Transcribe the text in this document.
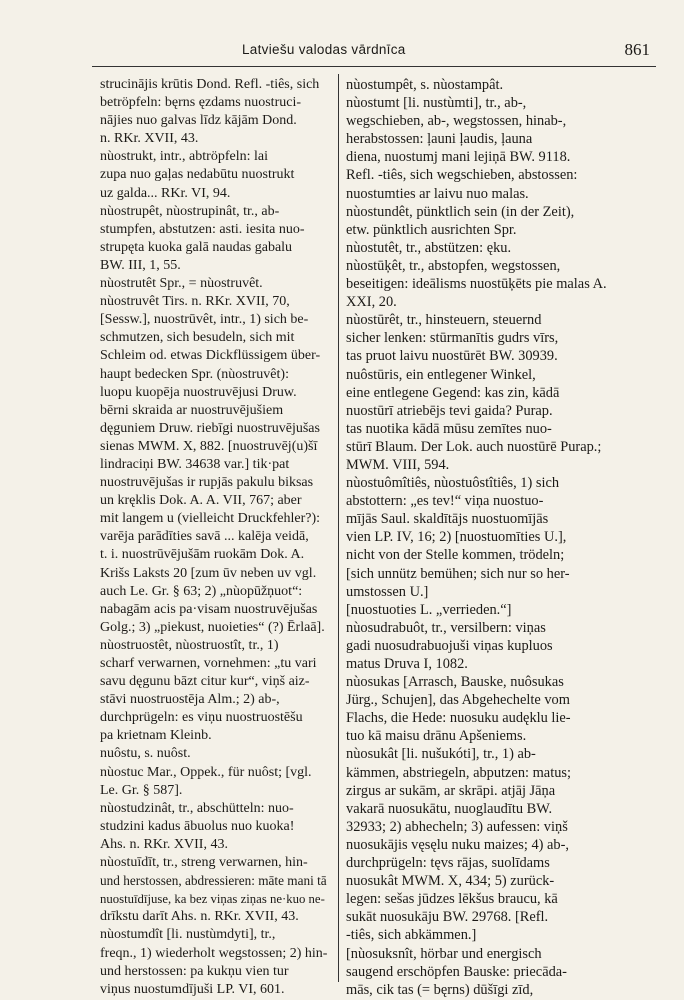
Latviešu valodas vārdnīca	861
strucinājis krūtis Dond. Refl. -tiês, sich
betröpfeln: bęrns ęzdams nuostruci-
nājies nuo galvas līdz kājām Dond.
n. RKr. XVII, 43.
nùostrukt, intr., abtröpfeln: lai
zupa nuo gaļas nedabūtu nuostrukt
uz galda... RKr. VI, 94.
nùostrupêt, nùostrupinât, tr., ab-
stumpfen, abstutzen: asti. iesita nuo-
strupęta kuoka galā naudas gabalu
BW. III, 1, 55.
nùostrutêt Spr., = nùostruvêt.
nùostruvêt Tirs. n. RKr. XVII, 70,
[Sessw.], nuostrūvêt, intr., 1) sich be-
schmutzen, sich besudeln, sich mit
Schleim od. etwas Dickflüssigem über-
haupt bedecken Spr. (nùostruvêt):
luopu kuopēja nuostruvējusi Druw.
bērni skraida ar nuostruvējušiem
dęguniem Druw. riebīgi nuostruvējušas
sienas MWM. X, 882. [nuostruvēj(u)šī
lindraciņi BW. 34638 var.] tik·pat
nuostruvējušas ir rupjās pakulu biksas
un kręklis Dok. A. A. VII, 767; aber
mit langem u (vielleicht Druckfehler?):
varēja parādīties savā ... kalēja veidā,
t. i. nuostrūvējušām ruokām Dok. A.
Krišs Laksts 20 [zum ūv neben uv vgl.
auch Le. Gr. § 63; 2) „nùopūžņuot“:
nabagām acis pa·visam nuostruvējušas
Golg.; 3) „piekust, nuoieties“ (?) Ērlaā].
nùostruostêt, nùostruostît, tr., 1)
scharf verwarnen, vornehmen: „tu vari
savu dęgunu bāzt citur kur“, viņš aiz-
stāvi nuostruostēja Alm.; 2) ab-,
durchprügeln: es viņu nuostruostēšu
pa krietnam Kleinb.
nuôstu, s. nuôst.
nùostuc Mar., Oppek., für nuôst; [vgl.
Le. Gr. § 587].
nùostudzinât, tr., abschütteln: nuo-
studzini kadus ābuolus nuo kuoka!
Ahs. n. RKr. XVII, 43.
nùostuīdīt, tr., streng verwarnen, hin-
und herstossen, abdressieren: māte mani tā
nuostuīdījuse, ka bez viņas ziņas ne·kuo ne-
drīkstu darīt Ahs. n. RKr. XVII, 43.
nùostumdît [li. nustùmdyti], tr.,
freqn., 1) wiederholt wegstossen; 2) hin-
und herstossen: pa kukņu vien tur
viņus nuostumdījuši LP. VI, 601.
nùostumpêt, s. nùostampât.
nùostumt [li. nustùmti], tr., ab-,
wegschieben, ab-, wegstossen, hinab-,
herabstossen: ļauni ļaudis, ļauna
diena, nuostumj mani lejiņā BW. 9118.
Refl. -tiês, sich wegschieben, abstossen:
nuostumties ar laivu nuo malas.
nùostundêt, pünktlich sein (in der Zeit),
etw. pünktlich ausrichten Spr.
nùostutêt, tr., abstützen: ęku.
nùostūķêt, tr., abstopfen, wegstossen,
beseitigen: ideālisms nuostūķēts pie malas A.
XXI, 20.
nùostūrêt, tr., hinsteuern, steuernd
sicher lenken: stūrmanītis gudrs vīrs,
tas pruot laivu nuostūrēt BW. 30939.
nuôstūris, ein entlegener Winkel,
eine entlegene Gegend: kas zin, kādā
nuostūrī atriebējs tevi gaida? Purap.
tas nuotika kādā mūsu zemītes nuo-
stūrī Blaum. Der Lok. auch nuostūrē Purap.;
MWM. VIII, 594.
nùostuômîtiês, nùostuôstîtiês, 1) sich
abstottern: „es tev!“ viņa nuostuo-
mījās Saul. skaldītājs nuostuomījās
vien LP. IV, 16; 2) [nuostuomīties U.],
nicht von der Stelle kommen, trödeln;
[sich unnütz bemühen; sich nur so her-
umstossen U.]
[nuostuoties L. „verrieden.“]
nùosudrabuôt, tr., versilbern: viņas
gadi nuosudrabuojuši viņas kupluos
matus Druva I, 1082.
nùosukas [Arrasch, Bauske, nuôsukas
Jürg., Schujen], das Abgehechelte vom
Flachs, die Hede: nuosuku audęklu lie-
tuo kā maisu drānu Apšeniems.
nùosukât [li. nušukóti], tr., 1) ab-
kämmen, abstriegeln, abputzen: matus;
zirgus ar sukām, ar skrāpi. atjāj Jāņa
vakarā nuosukātu, nuoglaudītu BW.
32933; 2) abhecheln; 3) aufessen: viņš
nuosukājis vęsęlu nuku maizes; 4) ab-,
durchprügeln: tęvs rājas, suolīdams
nuosukât MWM. X, 434; 5) zurück-
legen: sešas jūdzes lēkšus braucu, kā
sukāt nuosukāju BW. 29768. [Refl.
-tiês, sich abkämmen.]
[nùosuksnît, hörbar und energisch
saugend erschöpfen Bauske: priecāda-
mās, cik tas (= bęrns) dūšīgi zīd,
